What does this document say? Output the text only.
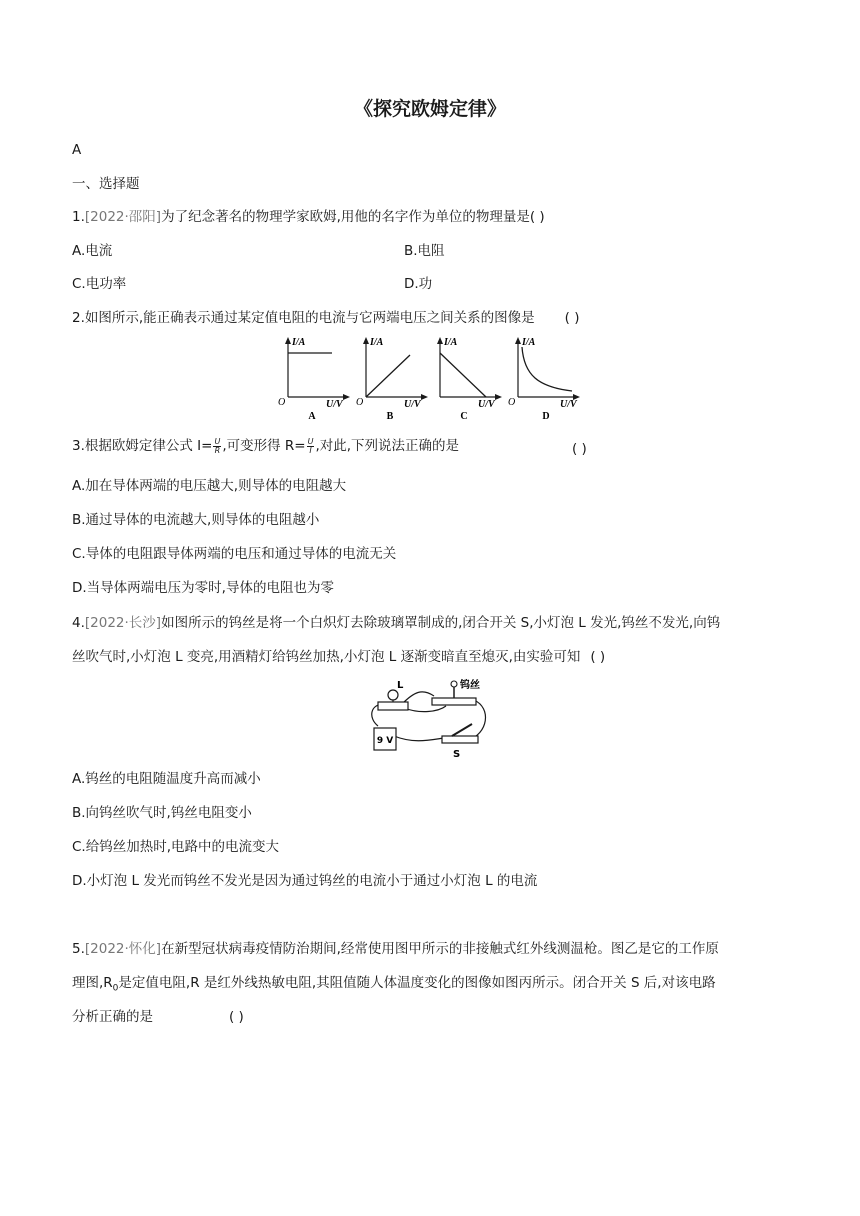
《探究欧姆定律》
A
一、选择题
1.[2022·邵阳]为了纪念著名的物理学家欧姆,用他的名字作为单位的物理量是( )
A.电流	B.电阻
C.电功率	D.功
2.如图所示,能正确表示通过某定值电阻的电流与它两端电压之间关系的图像是 ( )
I/A
O	U/V
A
I/A
O	U/V
B
I/A
U/V
C
I/A
O	U/V
D
3.根据欧姆定律公式 $I= \frac{U}{R}$ ,可变形得 $R= \frac{U}{I}$ ,对此,下列说法正确的是	( )
A.加在导体两端的电压越大,则导体的电阻越大
B.通过导体的电流越大,则导体的电阻越小
C.导体的电阻跟导体两端的电压和通过导体的电流无关
D.当导体两端电压为零时,导体的电阻也为零
4.[2022·长沙]如图所示的钨丝是将一个白炽灯去除玻璃罩制成的,闭合开关 S,小灯泡 L 发光,钨丝不发光,向钨
丝吹气时,小灯泡 L 变亮,用酒精灯给钨丝加热,小灯泡 L 逐渐变暗直至熄灭,由实验可知 ( )
L	钨丝
9 V
S
A.钨丝的电阻随温度升高而减小
B.向钨丝吹气时,钨丝电阻变小
C.给钨丝加热时,电路中的电流变大
D.小灯泡 L 发光而钨丝不发光是因为通过钨丝的电流小于通过小灯泡 L 的电流
5.[2022·怀化]在新型冠状病毒疫情防治期间,经常使用图甲所示的非接触式红外线测温枪。图乙是它的工作原
理图$,R_0$是定值电阻,R 是红外线热敏电阻,其阻值随人体温度变化的图像如图丙所示。闭合开关 S 后,对该电路
分析正确的是	( )
